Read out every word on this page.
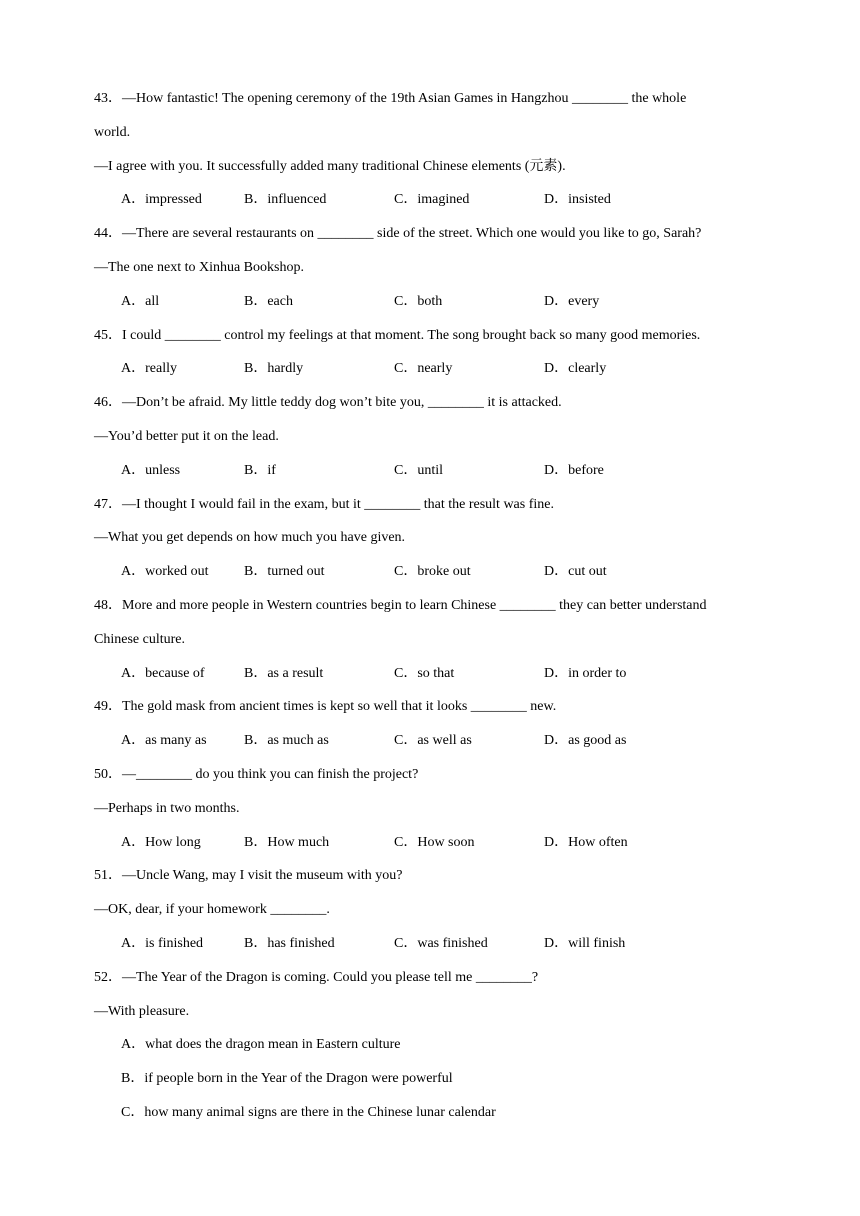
43．—How fantastic! The opening ceremony of the 19th Asian Games in Hangzhou ________ the whole
world.
—I agree with you. It successfully added many traditional Chinese elements (元素).
A．impressed	B．influenced	C．imagined	D．insisted
44．—There are several restaurants on ________ side of the street. Which one would you like to go, Sarah?
—The one next to Xinhua Bookshop.
A．all	B．each	C．both	D．every
45．I could ________ control my feelings at that moment. The song brought back so many good memories.
A．really	B．hardly	C．nearly	D．clearly
46．—Don’t be afraid. My little teddy dog won’t bite you, ________ it is attacked.
—You’d better put it on the lead.
A．unless	B．if	C．until	D．before
47．—I thought I would fail in the exam, but it ________ that the result was fine.
—What you get depends on how much you have given.
A．worked out	B．turned out	C．broke out	D．cut out
48．More and more people in Western countries begin to learn Chinese ________ they can better understand
Chinese culture.
A．because of	B．as a result	C．so that	D．in order to
49．The gold mask from ancient times is kept so well that it looks ________ new.
A．as many as	B．as much as	C．as well as	D．as good as
50．—________ do you think you can finish the project?
—Perhaps in two months.
A．How long	B．How much	C．How soon	D．How often
51．—Uncle Wang, may I visit the museum with you?
—OK, dear, if your homework ________.
A．is finished	B．has finished	C．was finished	D．will finish
52．—The Year of the Dragon is coming. Could you please tell me ________?
—With pleasure.
A．what does the dragon mean in Eastern culture
B．if people born in the Year of the Dragon were powerful
C．how many animal signs are there in the Chinese lunar calendar
